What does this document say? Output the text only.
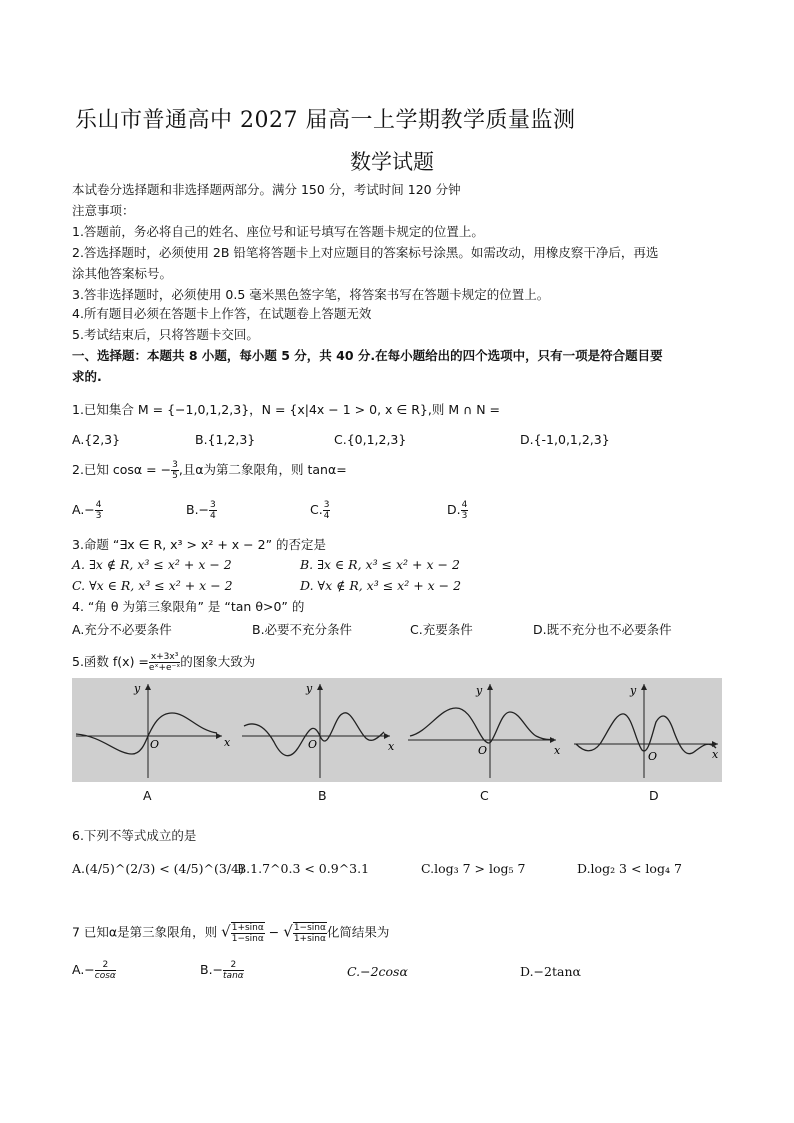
乐山市普通高中 2027 届高一上学期教学质量监测
数学试题
本试卷分选择题和非选择题两部分。满分 150 分，考试时间 120 分钟
注意事项：
1.答题前，务必将自己的姓名、座位号和证号填写在答题卡规定的位置上。
2.答选择题时，必须使用 2B 铅笔将答题卡上对应题目的答案标号涂黑。如需改动，用橡皮察干净后，再选
涂其他答案标号。
3.答非选择题时，必须使用 0.5 毫米黑色签字笔，将答案书写在答题卡规定的位置上。
4.所有题目必须在答题卡上作答，在试题卷上答题无效
5.考试结束后，只将答题卡交回。
一、选择题：本题共 8 小题，每小题 5 分，共 40 分.在每小题给出的四个选项中，只有一项是符合题目要
求的.
1.已知集合 M = {−1,0,1,2,3}，N = {x|4x − 1 > 0, x ∈ R},则 M ∩ N =
A.{2,3}	B.{1,2,3}	C.{0,1,2,3}	D.{-1,0,1,2,3}
2.已知 cosα = − $\frac{3}{5}$ ,且α为第二象限角，则 tanα=
$A.- \frac{4}{3}$	$B.- \frac{3}{4}$	C. $\frac{3}{4}$	D. $\frac{4}{3}$
3.命题 “∃x ∈ R, x³ > x² + x − 2” 的否定是
A. ∃x ∉ R, x³ ≤ x² + x − 2	B. ∃x ∈ R, x³ ≤ x² + x − 2
C. ∀x ∈ R, x³ ≤ x² + x − 2	D. ∀x ∉ R, x³ ≤ x² + x − 2
4. “角 θ 为第三象限角” 是 “tan θ>0” 的
A.充分不必要条件	B.必要不充分条件	C.充要条件	D.既不充分也不必要条件
5.函数 $f(x) = \frac{\text{x+3x³}}{\text{eˣ+e⁻ˣ}}$ 的图象大致为
y
x
O
y
x
O
y
x
O
y
x
O
A	B	C	D
6.下列不等式成立的是
A.(4/5)^(2/3) < (4/5)^(3/4)
B.1.7^0.3 < 0.9^3.1	C.log₃ 7 > log₅ 7	D.log₂ 3 < log₄ 7
7 已知α是第三象限角，则 √ $\frac{1+\sin\alpha}{1-\sin\alpha}$ − √ $\frac{1-\sin\alpha}{1+\sin\alpha}$ 化简结果为
$A.- \frac{2}{\cos\alpha}$	$B.- \frac{2}{\tan\alpha}$	C.−2cosα	D.−2tanα
